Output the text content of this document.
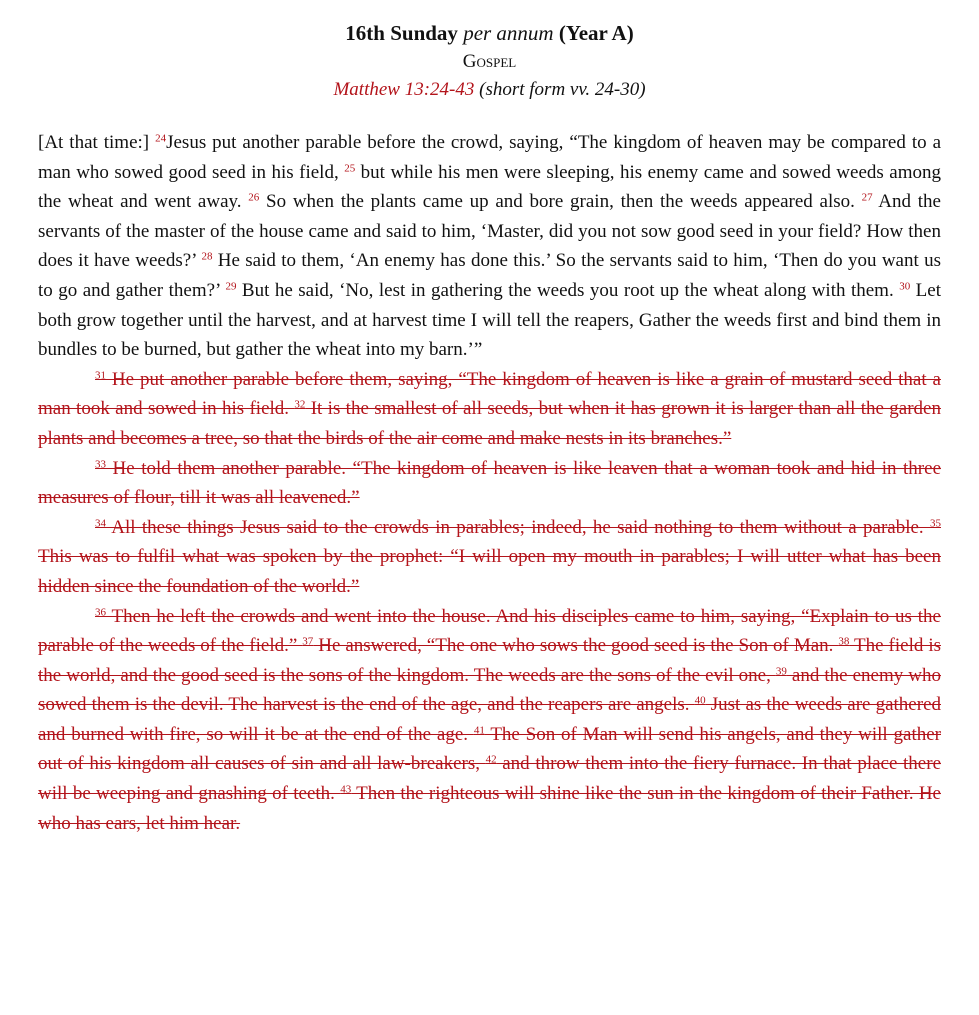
16th Sunday per annum (Year A)
Gospel
Matthew 13:24-43 (short form vv. 24-30)

[At that time:] $^{24}$Jesus put another parable before the crowd, saying, “The kingdom of heaven may be compared to a man who sowed good seed in his field, $^{25}$ but while his men were sleeping, his enemy came and sowed weeds among the wheat and went away. $^{26}$ So when the plants came up and bore grain, then the weeds appeared also. $^{27}$ And the servants of the master of the house came and said to him, ‘Master, did you not sow good seed in your field? How then does it have weeds?’ $^{28}$ He said to them, ‘An enemy has done this.’ So the servants said to him, ‘Then do you want us to go and gather them?’ $^{29}$ But he said, ‘No, lest in gathering the weeds you root up the wheat along with them. $^{30}$ Let both grow together until the harvest, and at harvest time I will tell the reapers, Gather the weeds first and bind them in bundles to be burned, but gather the wheat into my barn.’”

$^{31}$ He put another parable before them, saying, “The kingdom of heaven is like a grain of mustard seed that a man took and sowed in his field. $^{32}$ It is the smallest of all seeds, but when it has grown it is larger than all the garden plants and becomes a tree, so that the birds of the air come and make nests in its branches.”

$^{33}$ He told them another parable. “The kingdom of heaven is like leaven that a woman took and hid in three measures of flour, till it was all leavened.”

$^{34}$ All these things Jesus said to the crowds in parables; indeed, he said nothing to them without a parable. $^{35}$ This was to fulfil what was spoken by the prophet: “I will open my mouth in parables; I will utter what has been hidden since the foundation of the world.”

$^{36}$ Then he left the crowds and went into the house. And his disciples came to him, saying, “Explain to us the parable of the weeds of the field.” $^{37}$ He answered, “The one who sows the good seed is the Son of Man. $^{38}$ The field is the world, and the good seed is the sons of the kingdom. The weeds are the sons of the evil one, $^{39}$ and the enemy who sowed them is the devil. The harvest is the end of the age, and the reapers are angels. $^{40}$ Just as the weeds are gathered and burned with fire, so will it be at the end of the age. $^{41}$ The Son of Man will send his angels, and they will gather out of his kingdom all causes of sin and all law-breakers, $^{42}$ and throw them into the fiery furnace. In that place there will be weeping and gnashing of teeth. $^{43}$ Then the righteous will shine like the sun in the kingdom of their Father. He who has ears, let him hear.
